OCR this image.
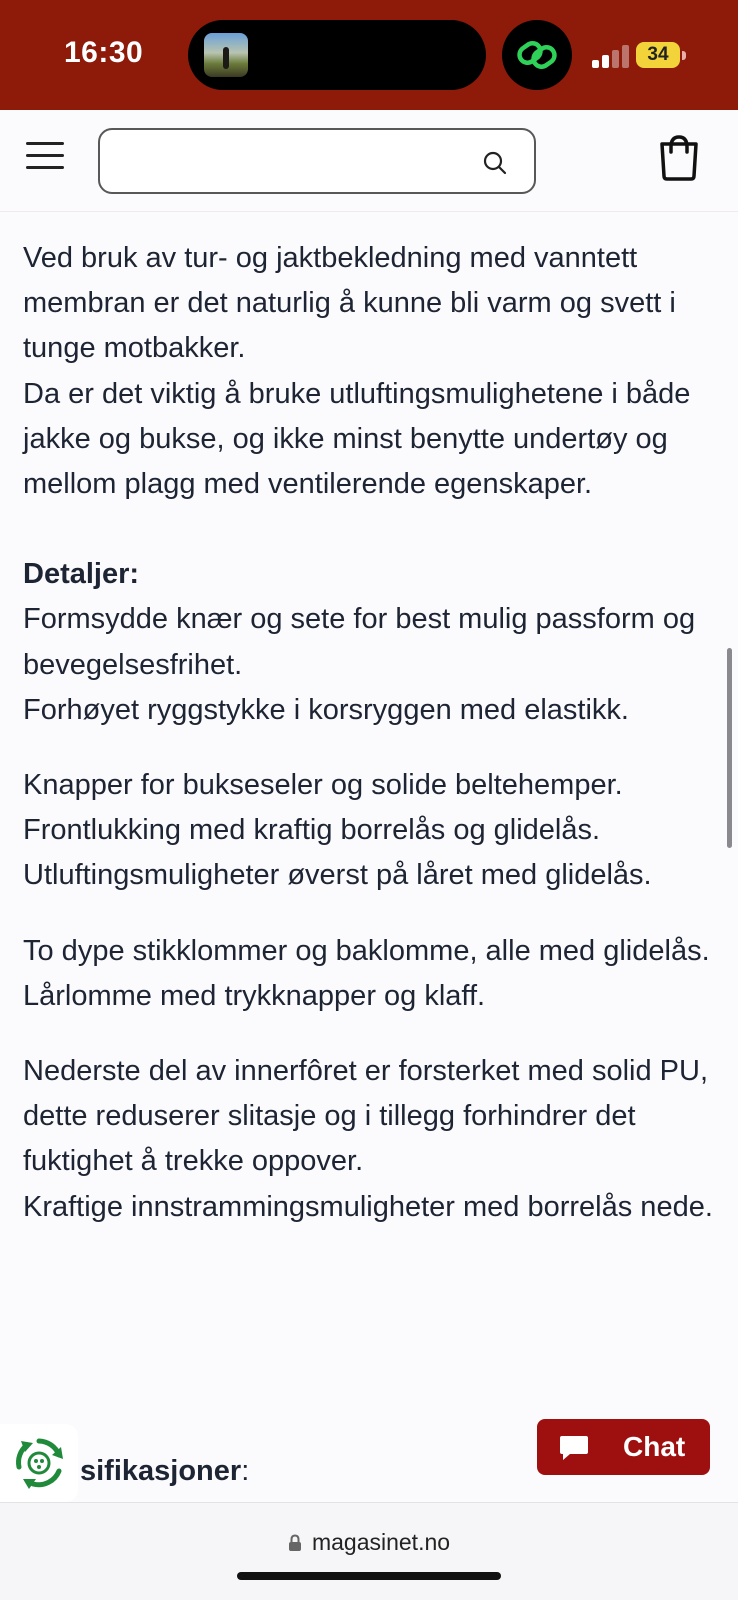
16:30	34

Ved bruk av tur- og jaktbekledning med vanntett membran er det naturlig å kunne bli varm og svett i tunge motbakker.

Da er det viktig å bruke utluftingsmulighetene i både jakke og bukse, og ikke minst benytte undertøy og mellom plagg med ventilerende egenskaper.

Detaljer:

Formsydde knær og sete for best mulig passform og bevegelsesfrihet.

Forhøyet ryggstykke i korsryggen med elastikk.

Knapper for bukseseler og solide beltehemper.

Frontlukking med kraftig borrelås og glidelås.

Utluftingsmuligheter øverst på låret med glidelås.

To dype stikklommer og baklomme, alle med glidelås.

Lårlomme med trykknapper og klaff.

Nederste del av innerfôret er forsterket med solid PU, dette reduserer slitasje og i tillegg forhindrer det fuktighet å trekke oppover.

Kraftige innstrammingsmuligheter med borrelås nede.

sifikasjoner:
Chat
magasinet.no
